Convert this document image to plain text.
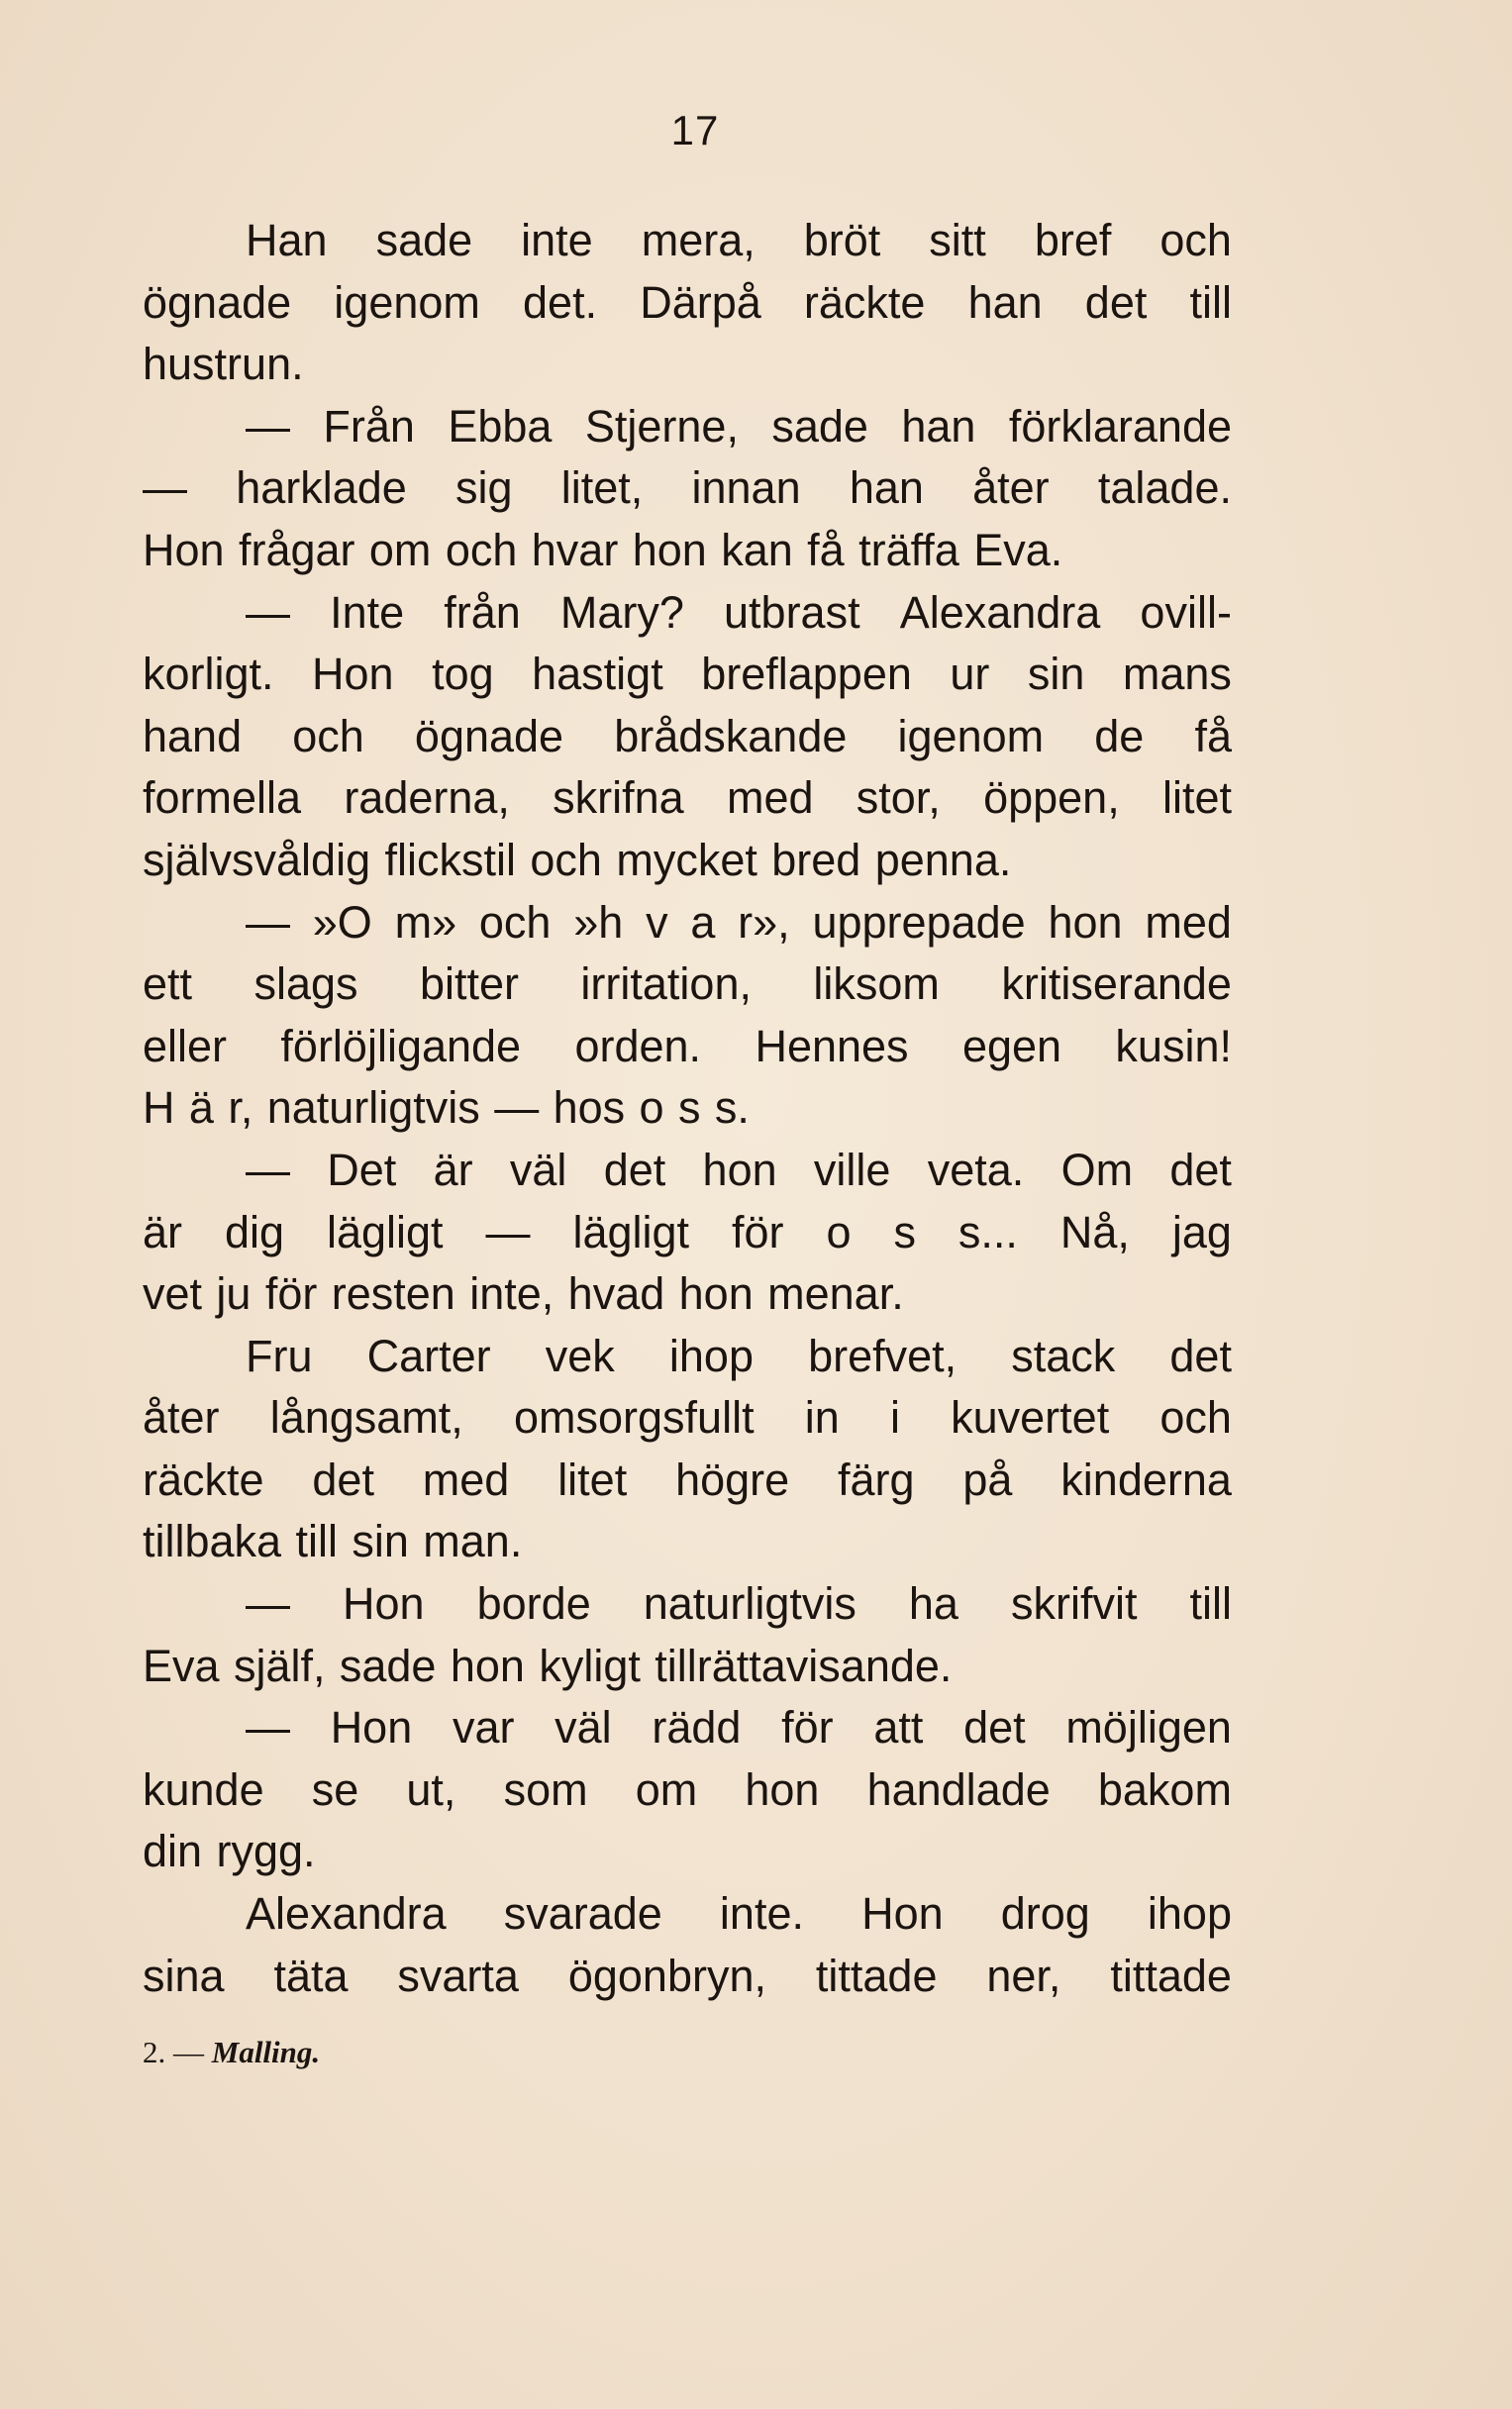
17
Han sade inte mera, bröt sitt bref och
ögnade igenom det. Därpå räckte han det till
hustrun.
— Från Ebba Stjerne, sade han förklarande
— harklade sig litet, innan han åter talade.
Hon frågar om och hvar hon kan få träffa Eva.
— Inte från Mary? utbrast Alexandra ovill-
korligt. Hon tog hastigt breflappen ur sin mans
hand och ögnade brådskande igenom de få
formella raderna, skrifna med stor, öppen, litet
självsvåldig flickstil och mycket bred penna.
— »O m» och »h v a r», upprepade hon med
ett slags bitter irritation, liksom kritiserande
eller förlöjligande orden. Hennes egen kusin!
H ä r, naturligtvis — hos o s s.
— Det är väl det hon ville veta. Om det
är dig lägligt — lägligt för o s s... Nå, jag
vet ju för resten inte, hvad hon menar.
Fru Carter vek ihop brefvet, stack det
åter långsamt, omsorgsfullt in i kuvertet och
räckte det med litet högre färg på kinderna
tillbaka till sin man.
— Hon borde naturligtvis ha skrifvit till
Eva själf, sade hon kyligt tillrättavisande.
— Hon var väl rädd för att det möjligen
kunde se ut, som om hon handlade bakom
din rygg.
Alexandra svarade inte. Hon drog ihop
sina täta svarta ögonbryn, tittade ner, tittade
2. — Malling.
